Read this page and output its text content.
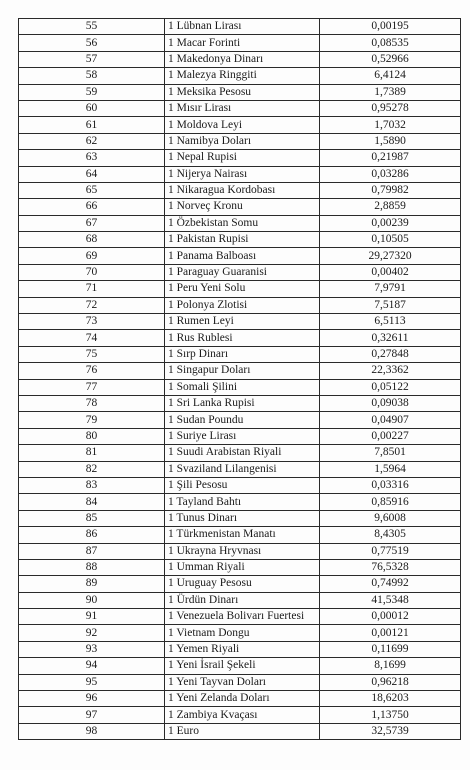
55	1 Lübnan Lirası	0,00195
56	1 Macar Forinti	0,08535
57	1 Makedonya Dinarı	0,52966
58	1 Malezya Ringgiti	6,4124
59	1 Meksika Pesosu	1,7389
60	1 Mısır Lirası	0,95278
61	1 Moldova Leyi	1,7032
62	1 Namibya Doları	1,5890
63	1 Nepal Rupisi	0,21987
64	1 Nijerya Nairası	0,03286
65	1 Nikaragua Kordobası	0,79982
66	1 Norveç Kronu	2,8859
67	1 Özbekistan Somu	0,00239
68	1 Pakistan Rupisi	0,10505
69	1 Panama Balboası	29,27320
70	1 Paraguay Guaranisi	0,00402
71	1 Peru Yeni Solu	7,9791
72	1 Polonya Zlotisi	7,5187
73	1 Rumen Leyi	6,5113
74	1 Rus Rublesi	0,32611
75	1 Sırp Dinarı	0,27848
76	1 Singapur Doları	22,3362
77	1 Somali Şilini	0,05122
78	1 Sri Lanka Rupisi	0,09038
79	1 Sudan Poundu	0,04907
80	1 Suriye Lirası	0,00227
81	1 Suudi Arabistan Riyali	7,8501
82	1 Svaziland Lilangenisi	1,5964
83	1 Şili Pesosu	0,03316
84	1 Tayland Bahtı	0,85916
85	1 Tunus Dinarı	9,6008
86	1 Türkmenistan Manatı	8,4305
87	1 Ukrayna Hryvnası	0,77519
88	1 Umman Riyali	76,5328
89	1 Uruguay Pesosu	0,74992
90	1 Ürdün Dinarı	41,5348
91	1 Venezuela Bolivarı Fuertesi	0,00012
92	1 Vietnam Dongu	0,00121
93	1 Yemen Riyali	0,11699
94	1 Yeni İsrail Şekeli	8,1699
95	1 Yeni Tayvan Doları	0,96218
96	1 Yeni Zelanda Doları	18,6203
97	1 Zambiya Kvaçası	1,13750
98	1 Euro	32,5739
